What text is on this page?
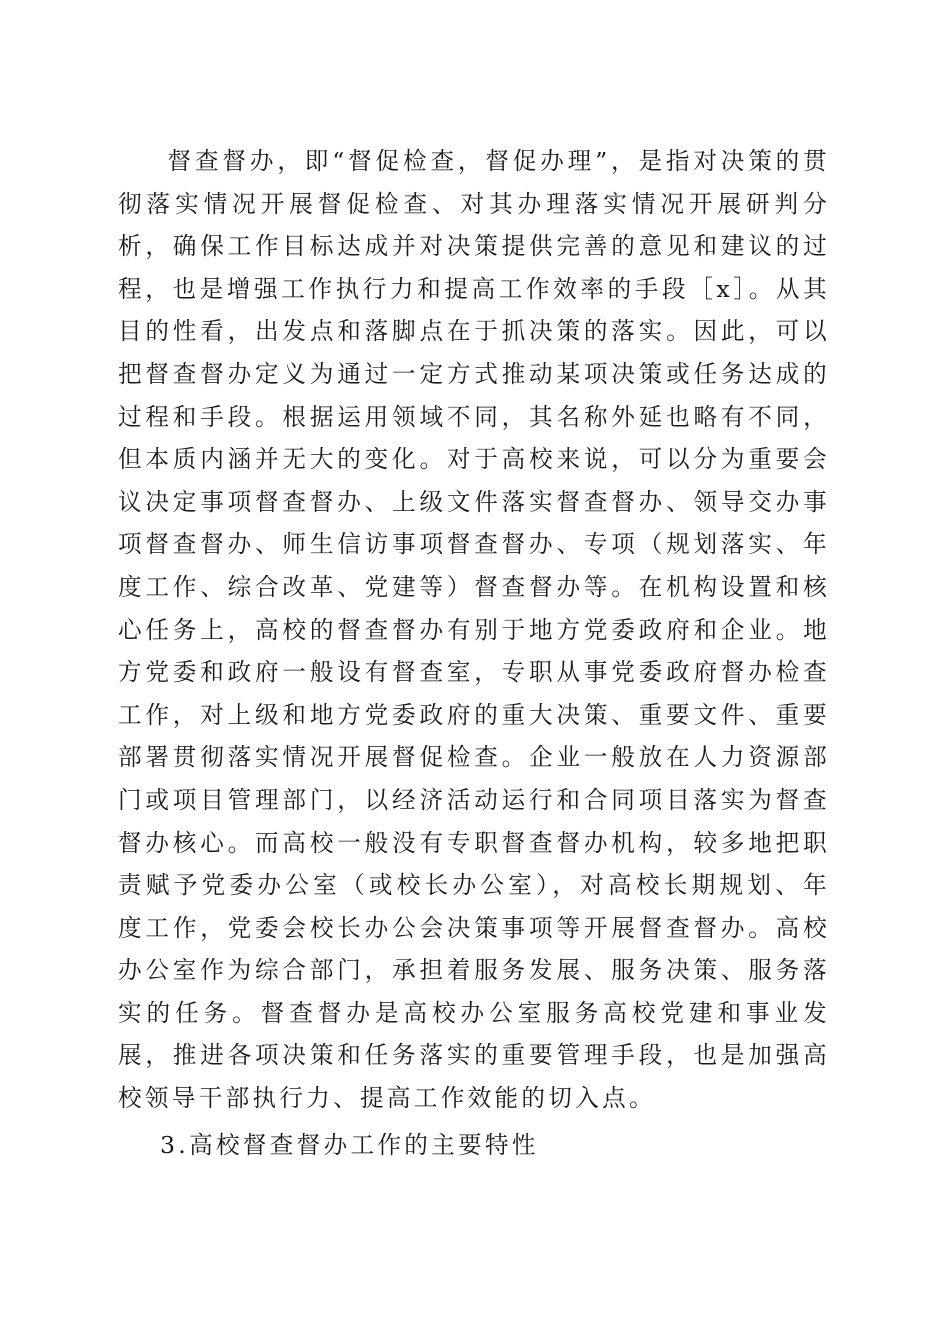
督查督办，即“督促检查，督促办理”，是指对决策的贯彻落实情况开展督促检查、对其办理落实情况开展研判分析，确保工作目标达成并对决策提供完善的意见和建议的过程，也是增强工作执行力和提高工作效率的手段［x］。从其目的性看，出发点和落脚点在于抓决策的落实。因此，可以把督查督办定义为通过一定方式推动某项决策或任务达成的过程和手段。根据运用领域不同，其名称外延也略有不同，但本质内涵并无大的变化。对于高校来说，可以分为重要会议决定事项督查督办、上级文件落实督查督办、领导交办事项督查督办、师生信访事项督查督办、专项（规划落实、年度工作、综合改革、党建等）督查督办等。在机构设置和核心任务上，高校的督查督办有别于地方党委政府和企业。地方党委和政府一般设有督查室，专职从事党委政府督办检查工作，对上级和地方党委政府的重大决策、重要文件、重要部署贯彻落实情况开展督促检查。企业一般放在人力资源部门或项目管理部门，以经济活动运行和合同项目落实为督查督办核心。而高校一般没有专职督查督办机构，较多地把职责赋予党委办公室（或校长办公室），对高校长期规划、年度工作，党委会校长办公会决策事项等开展督查督办。高校办公室作为综合部门，承担着服务发展、服务决策、服务落实的任务。督查督办是高校办公室服务高校党建和事业发展，推进各项决策和任务落实的重要管理手段，也是加强高校领导干部执行力、提高工作效能的切入点。

3.高校督查督办工作的主要特性
